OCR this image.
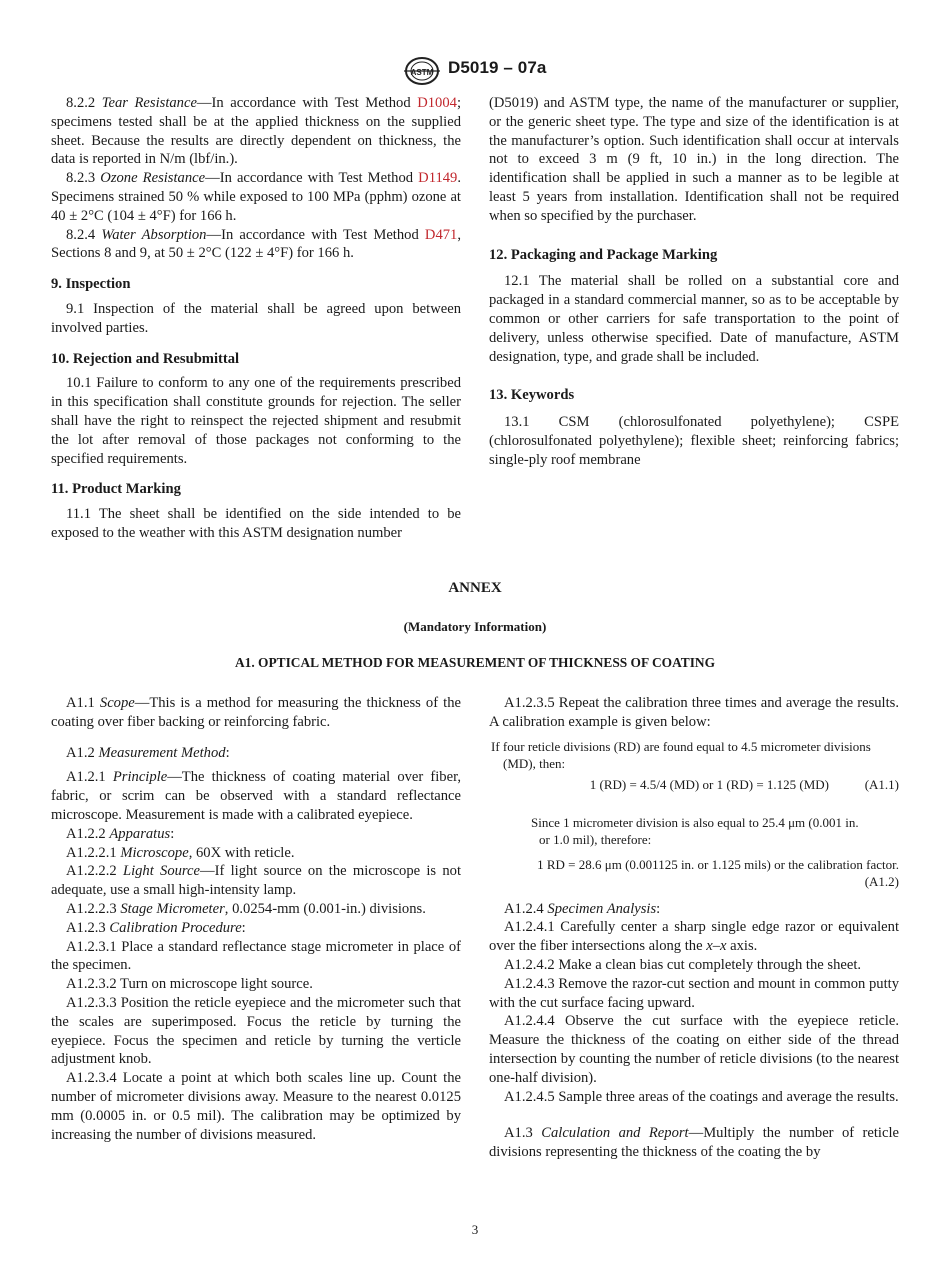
ASTM D5019 – 07a

8.2.2 Tear Resistance—In accordance with Test Method D1004; specimens tested shall be at the applied thickness on the supplied sheet. Because the results are directly dependent on thickness, the data is reported in N/m (lbf/in.).

8.2.3 Ozone Resistance—In accordance with Test Method D1149. Specimens strained 50 % while exposed to 100 MPa (pphm) ozone at 40 ± 2°C (104 ± 4°F) for 166 h.

8.2.4 Water Absorption—In accordance with Test Method D471, Sections 8 and 9, at 50 ± 2°C (122 ± 4°F) for 166 h.

9. Inspection

9.1 Inspection of the material shall be agreed upon between involved parties.

10. Rejection and Resubmittal

10.1 Failure to conform to any one of the requirements prescribed in this specification shall constitute grounds for rejection. The seller shall have the right to reinspect the rejected shipment and resubmit the lot after removal of those packages not conforming to the specified requirements.

11. Product Marking

11.1 The sheet shall be identified on the side intended to be exposed to the weather with this ASTM designation number

(D5019) and ASTM type, the name of the manufacturer or supplier, or the generic sheet type. The type and size of the identification is at the manufacturer’s option. Such identification shall occur at intervals not to exceed 3 m (9 ft, 10 in.) in the long direction. The identification shall be applied in such a manner as to be legible at least 5 years from installation. Identification shall not be required when so specified by the purchaser.

12. Packaging and Package Marking

12.1 The material shall be rolled on a substantial core and packaged in a standard commercial manner, so as to be acceptable by common or other carriers for safe transportation to the point of delivery, unless otherwise specified. Date of manufacture, ASTM designation, type, and grade shall be included.

13. Keywords

13.1 CSM (chlorosulfonated polyethylene); CSPE (chlorosulfonated polyethylene); flexible sheet; reinforcing fabrics; single-ply roof membrane

ANNEX
(Mandatory Information)
A1. OPTICAL METHOD FOR MEASUREMENT OF THICKNESS OF COATING

A1.1 Scope—This is a method for measuring the thickness of the coating over fiber backing or reinforcing fabric.

A1.2 Measurement Method:

A1.2.1 Principle—The thickness of coating material over fiber, fabric, or scrim can be observed with a standard reflectance microscope. Measurement is made with a calibrated eyepiece.

A1.2.2 Apparatus:

A1.2.2.1 Microscope, 60X with reticle.

A1.2.2.2 Light Source—If light source on the microscope is not adequate, use a small high-intensity lamp.

A1.2.2.3 Stage Micrometer, 0.0254-mm (0.001-in.) divisions.

A1.2.3 Calibration Procedure:

A1.2.3.1 Place a standard reflectance stage micrometer in place of the specimen.

A1.2.3.2 Turn on microscope light source.

A1.2.3.3 Position the reticle eyepiece and the micrometer such that the scales are superimposed. Focus the reticle by turning the eyepiece. Focus the specimen and reticle by turning the verticle adjustment knob.

A1.2.3.4 Locate a point at which both scales line up. Count the number of micrometer divisions away. Measure to the nearest 0.0125 mm (0.0005 in. or 0.5 mil). The calibration may be optimized by increasing the number of divisions measured.

A1.2.3.5 Repeat the calibration three times and average the results. A calibration example is given below:

If four reticle divisions (RD) are found equal to 4.5 micrometer divisions (MD), then:

1 (RD) = 4.5/4 (MD) or 1 (RD) = 1.125 (MD)	(A1.1)

Since 1 micrometer division is also equal to 25.4 μm (0.001 in. or 1.0 mil), therefore:

1 RD = 28.6 μm (0.001125 in. or 1.125 mils) or the calibration factor.

(A1.2)

A1.2.4 Specimen Analysis:

A1.2.4.1 Carefully center a sharp single edge razor or equivalent over the fiber intersections along the x–x axis.

A1.2.4.2 Make a clean bias cut completely through the sheet.

A1.2.4.3 Remove the razor-cut section and mount in common putty with the cut surface facing upward.

A1.2.4.4 Observe the cut surface with the eyepiece reticle. Measure the thickness of the coating on either side of the thread intersection by counting the number of reticle divisions (to the nearest one-half division).

A1.2.4.5 Sample three areas of the coatings and average the results.

A1.3 Calculation and Report—Multiply the number of reticle divisions representing the thickness of the coating the by

3
